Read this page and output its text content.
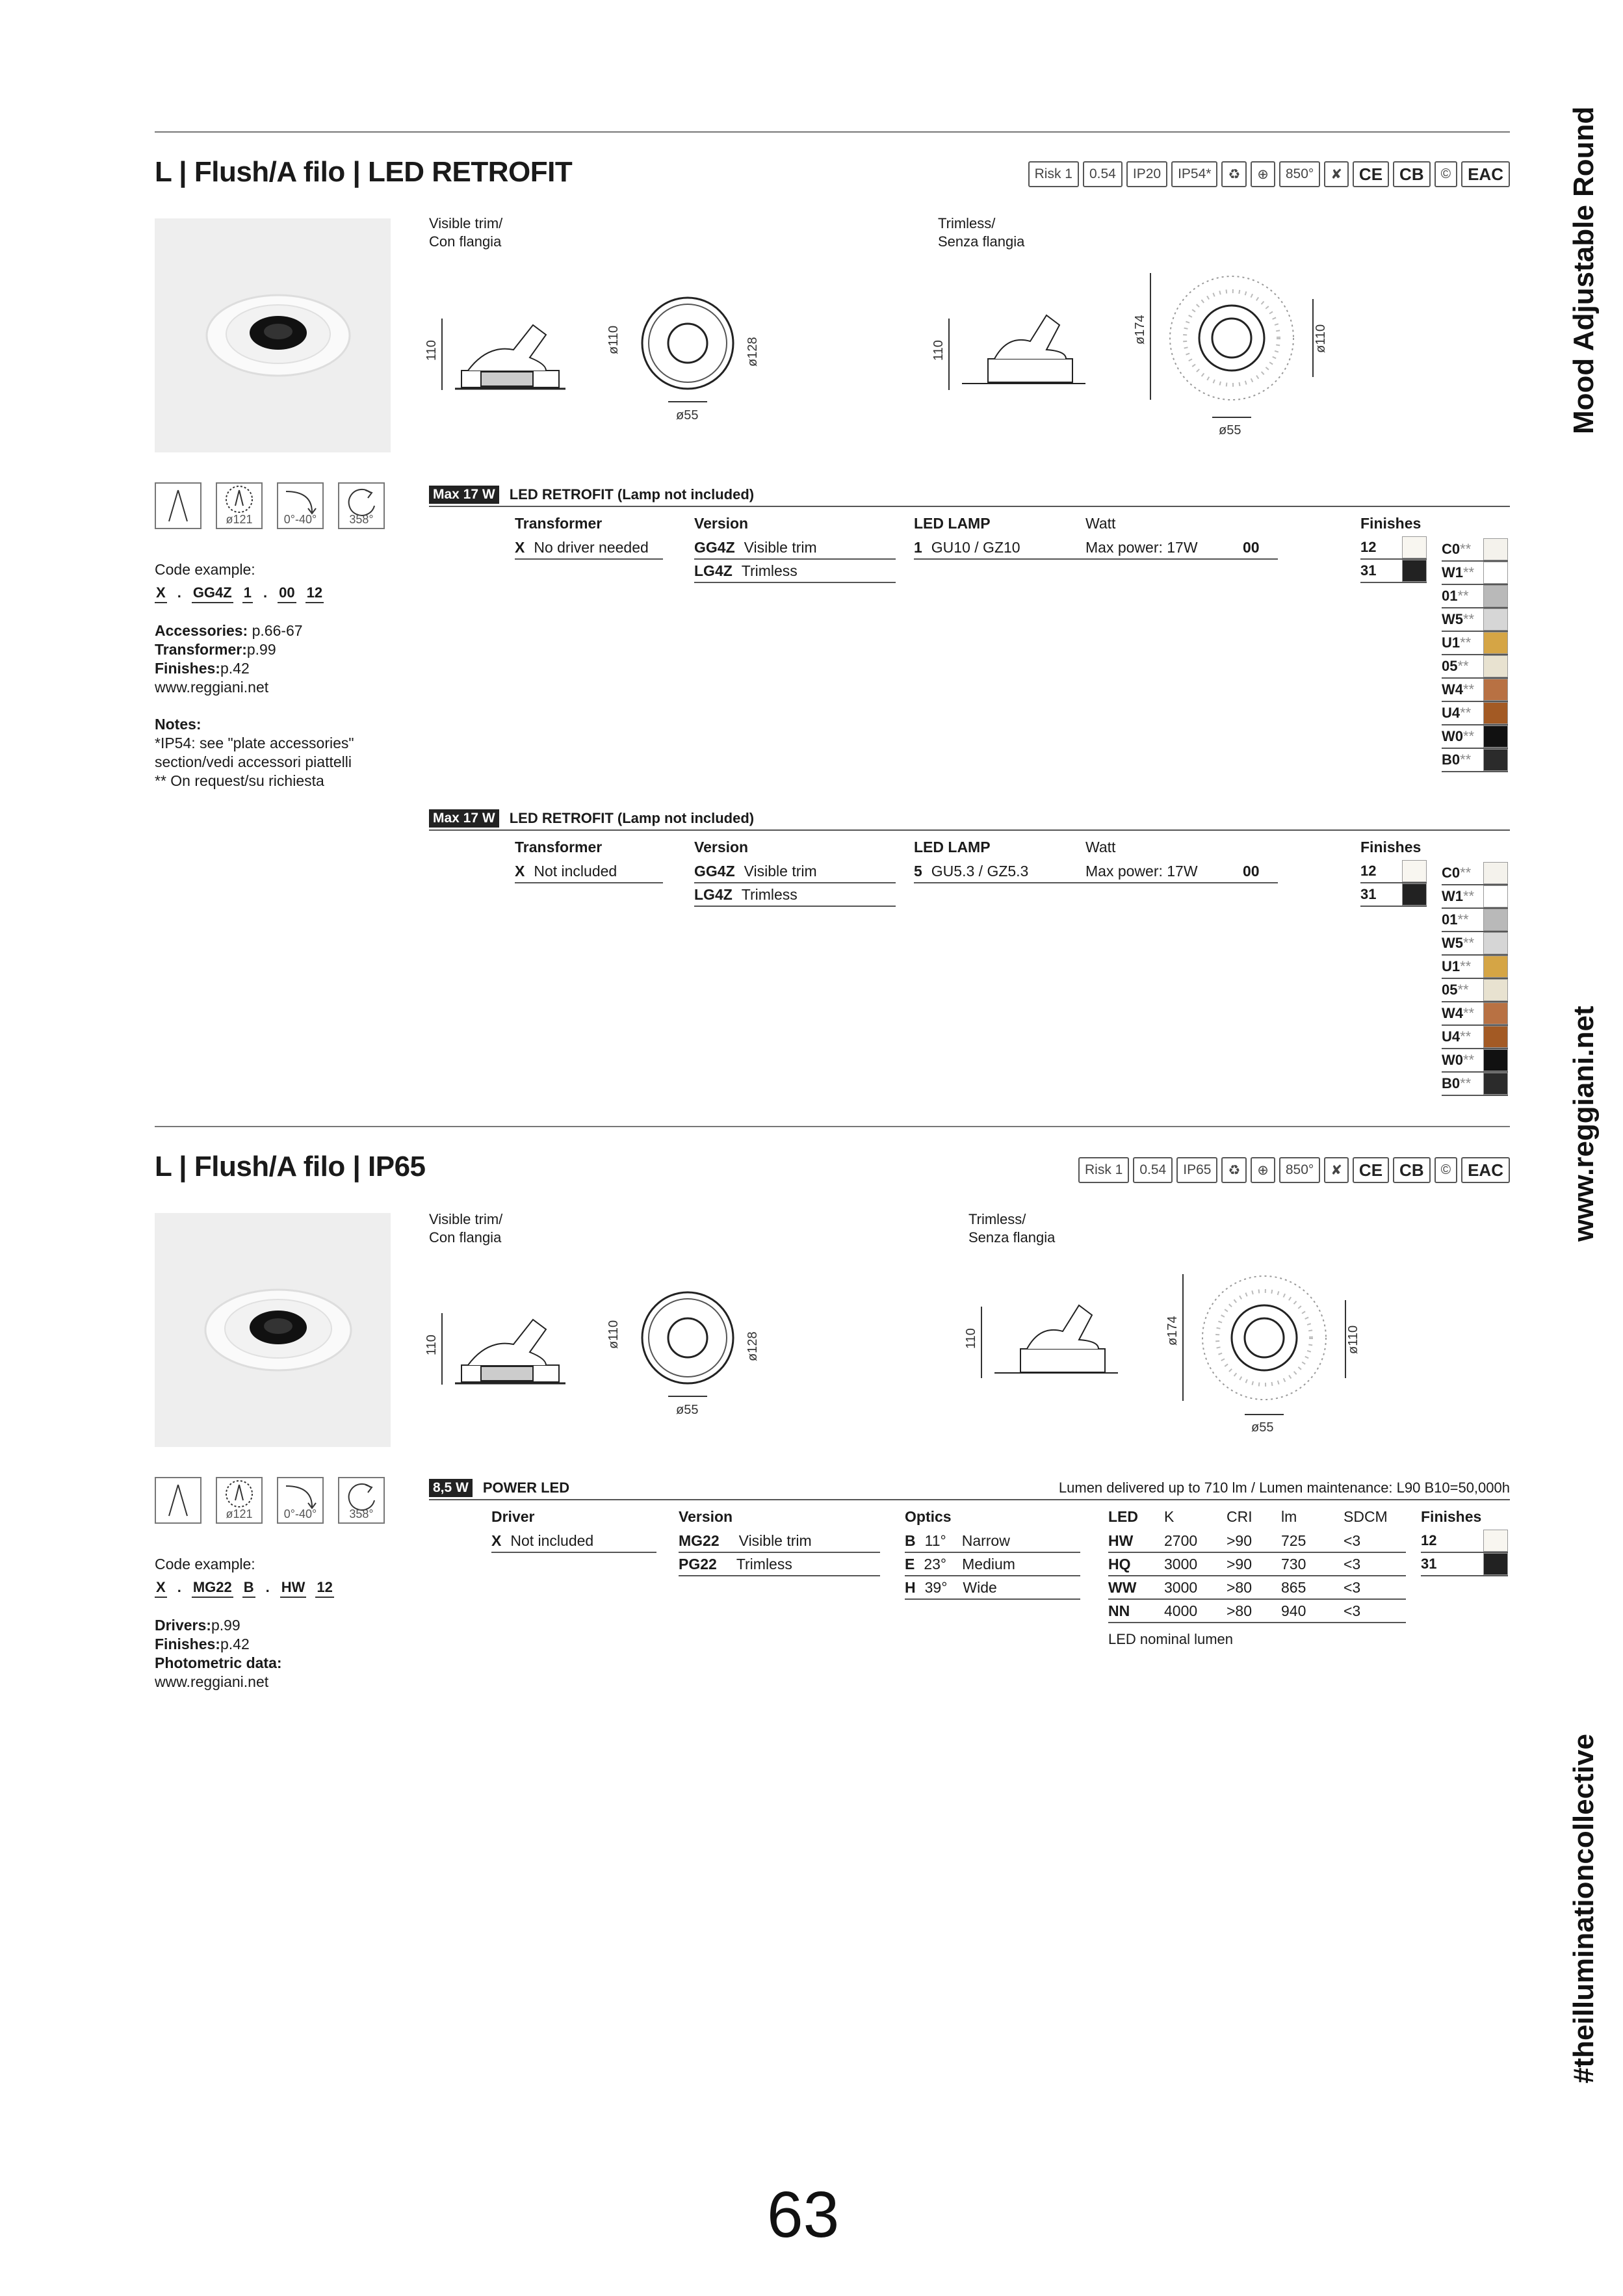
Mood Adjustable Round
www.reggiani.net
#theilluminationcollective
L | Flush/A filo | LED RETROFIT	Risk 1	0.54	IP20	IP54*	♻	⊕	850°	✘	CE	CB	©	EAC
Visible trim/
Con flangia
Trimless/
Senza flangia
110	ø110	ø128
ø55
110
ø174	ø110
ø55
ø121	0°-40°	358°
Code example:
X . GG4Z 1 . 00 12
Accessories: p.66-67
Transformer:p.99
Finishes:p.42
www.reggiani.net
Notes:
*IP54: see "plate accessories"
section/vedi accessori piattelli
** On request/su richiesta
Max 17 W LED RETROFIT (Lamp not included)
Transformer
X No driver needed
Version
GG4Z Visible trim
LG4Z Trimless
LED LAMP	Watt
1 GU10 / GZ10	Max power: 17W	00
Finishes
12
31
C0**
W1**
01**
W5**
U1**
05**
W4**
U4**
W0**
B0**
Max 17 W LED RETROFIT (Lamp not included)
Transformer
X Not included
Version
GG4Z Visible trim
LG4Z Trimless
LED LAMP	Watt
5 GU5.3 / GZ5.3	Max power: 17W	00
Finishes
12
31
C0**
W1**
01**
W5**
U1**
05**
W4**
U4**
W0**
B0**
L | Flush/A filo | IP65	Risk 1	0.54	IP65	♻	⊕	850°	✘	CE	CB	©	EAC
Visible trim/
Con flangia
Trimless/
Senza flangia
110	ø110	ø128
ø55
110	ø174	ø110
ø55
ø121	0°-40°	358°
Code example:
X . MG22 B . HW 12
Drivers:p.99
Finishes:p.42
Photometric data:
www.reggiani.net
8,5 W POWER LED	Lumen delivered up to 710 lm / Lumen maintenance: L90 B10=50,000h
Driver
X Not included
Version
MG22 Visible trim
PG22 Trimless
Optics
B 11° Narrow
E 23° Medium
H 39° Wide
LED	K	CRI	lm	SDCM
HW	2700	>90	725	<3
HQ	3000	>90	730	<3
WW	3000	>80	865	<3
NN	4000	>80	940	<3
LED nominal lumen
Finishes
12
31
63
